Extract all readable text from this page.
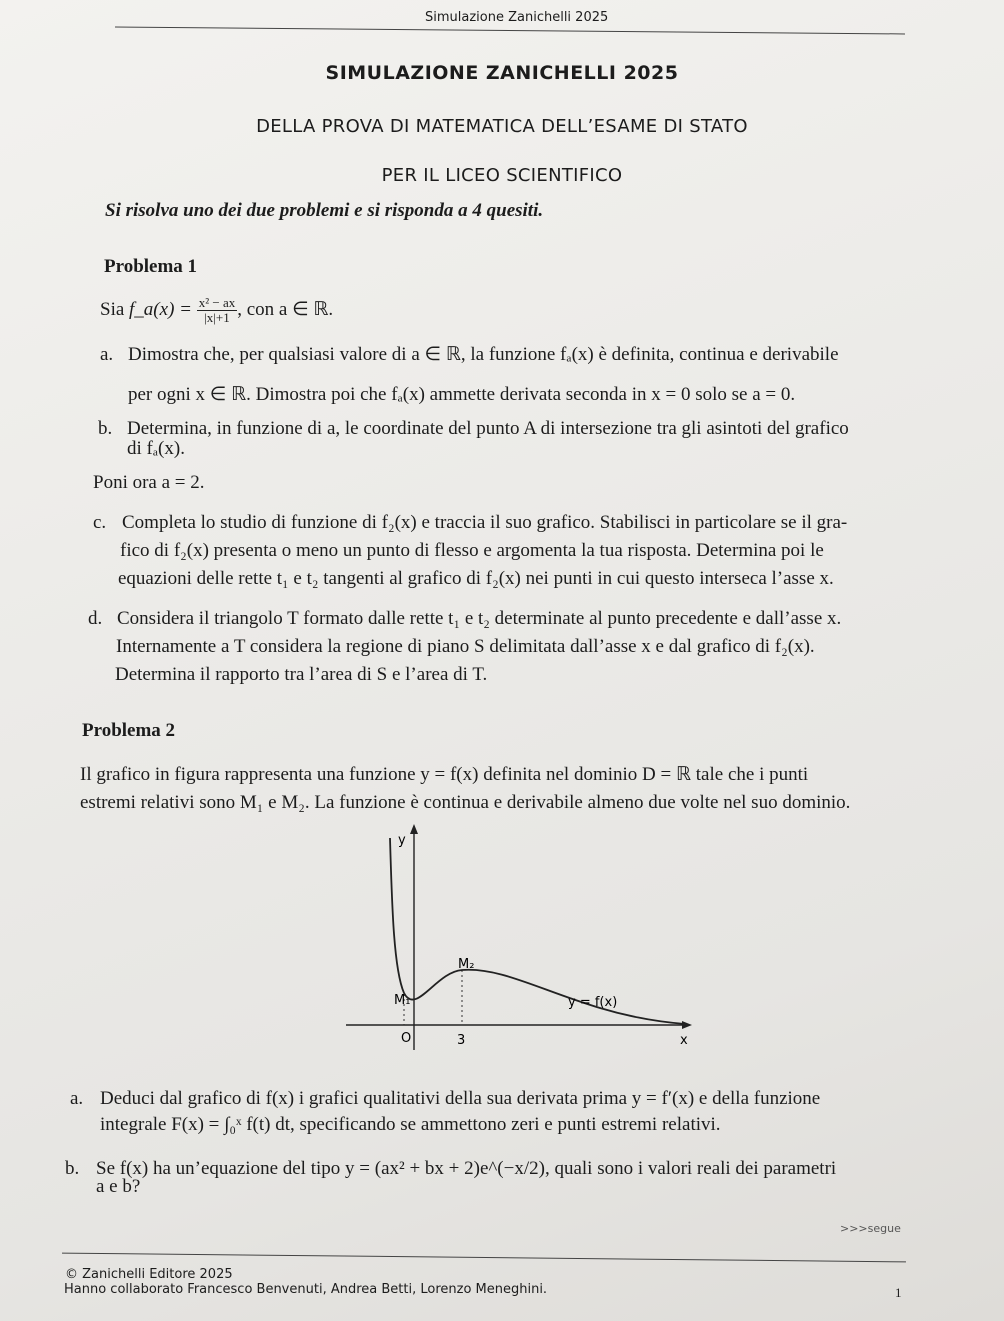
Simulazione Zanichelli 2025
SIMULAZIONE ZANICHELLI 2025
DELLA PROVA DI MATEMATICA DELL’ESAME DI STATO
PER IL LICEO SCIENTIFICO
Si risolva uno dei due problemi e si risponda a 4 quesiti.
Problema 1
Sia f_a(x) = $\frac{\text{x² − ax}}{|x|+1}$ , con a ∈ ℝ.
a. Dimostra che, per qualsiasi valore di a ∈ ℝ, la funzione fₐ(x) è definita, continua e derivabile
per ogni x ∈ ℝ. Dimostra poi che fₐ(x) ammette derivata seconda in x = 0 solo se a = 0.
b. Determina, in funzione di a, le coordinate del punto A di intersezione tra gli asintoti del grafico
di fₐ(x).
Poni ora a = 2.
c. Completa lo studio di funzione di f₂(x) e traccia il suo grafico. Stabilisci in particolare se il gra-
fico di f₂(x) presenta o meno un punto di flesso e argomenta la tua risposta. Determina poi le
equazioni delle rette t₁ e t₂ tangenti al grafico di f₂(x) nei punti in cui questo interseca l’asse x.
d. Considera il triangolo T formato dalle rette t₁ e t₂ determinate al punto precedente e dall’asse x.
Internamente a T considera la regione di piano S delimitata dall’asse x e dal grafico di f₂(x).
Determina il rapporto tra l’area di S e l’area di T.
Problema 2
Il grafico in figura rappresenta una funzione y = f(x) definita nel dominio D = ℝ tale che i punti
estremi relativi sono M₁ e M₂. La funzione è continua e derivabile almeno due volte nel suo dominio.
y
x
O	3
M₁
M₂
y = f(x)
a. Deduci dal grafico di f(x) i grafici qualitativi della sua derivata prima y = f′(x) e della funzione
integrale F(x) = ∫₀ˣ f(t) dt, specificando se ammettono zeri e punti estremi relativi.
b. Se f(x) ha un’equazione del tipo y = (ax² + bx + 2)e^(−x/2), quali sono i valori reali dei parametri
a e b?
>>>segue
© Zanichelli Editore 2025
Hanno collaborato Francesco Benvenuti, Andrea Betti, Lorenzo Meneghini.	1
